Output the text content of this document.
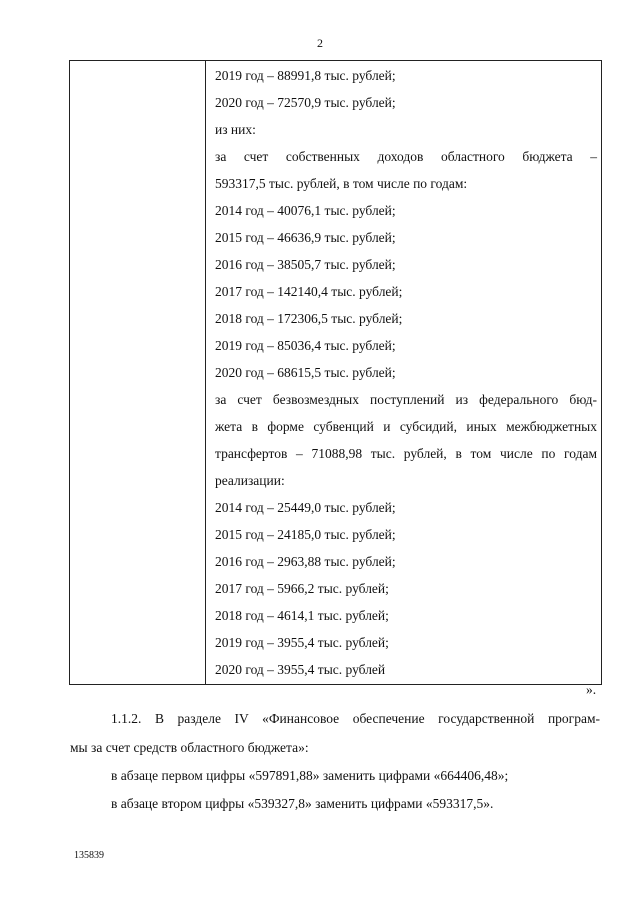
2
2019 год – 88991,8 тыс. рублей;
2020 год – 72570,9 тыс. рублей;
из них:
за счет собственных доходов областного бюджета –
593317,5 тыс. рублей, в том числе по годам:
2014 год – 40076,1 тыс. рублей;
2015 год – 46636,9 тыс. рублей;
2016 год – 38505,7 тыс. рублей;
2017 год – 142140,4 тыс. рублей;
2018 год – 172306,5 тыс. рублей;
2019 год – 85036,4 тыс. рублей;
2020 год – 68615,5 тыс. рублей;
за счет безвозмездных поступлений из федерального бюд-
жета в форме субвенций и субсидий, иных межбюджетных
трансфертов – 71088,98 тыс. рублей, в том числе по годам
реализации:
2014 год – 25449,0 тыс. рублей;
2015 год – 24185,0 тыс. рублей;
2016 год – 2963,88 тыс. рублей;
2017 год – 5966,2 тыс. рублей;
2018 год – 4614,1 тыс. рублей;
2019 год – 3955,4 тыс. рублей;
2020 год – 3955,4 тыс. рублей
».
1.1.2. В разделе IV «Финансовое обеспечение государственной програм-
мы за счет средств областного бюджета»:
в абзаце первом цифры «597891,88» заменить цифрами «664406,48»;
в абзаце втором цифры «539327,8» заменить цифрами «593317,5».
135839
